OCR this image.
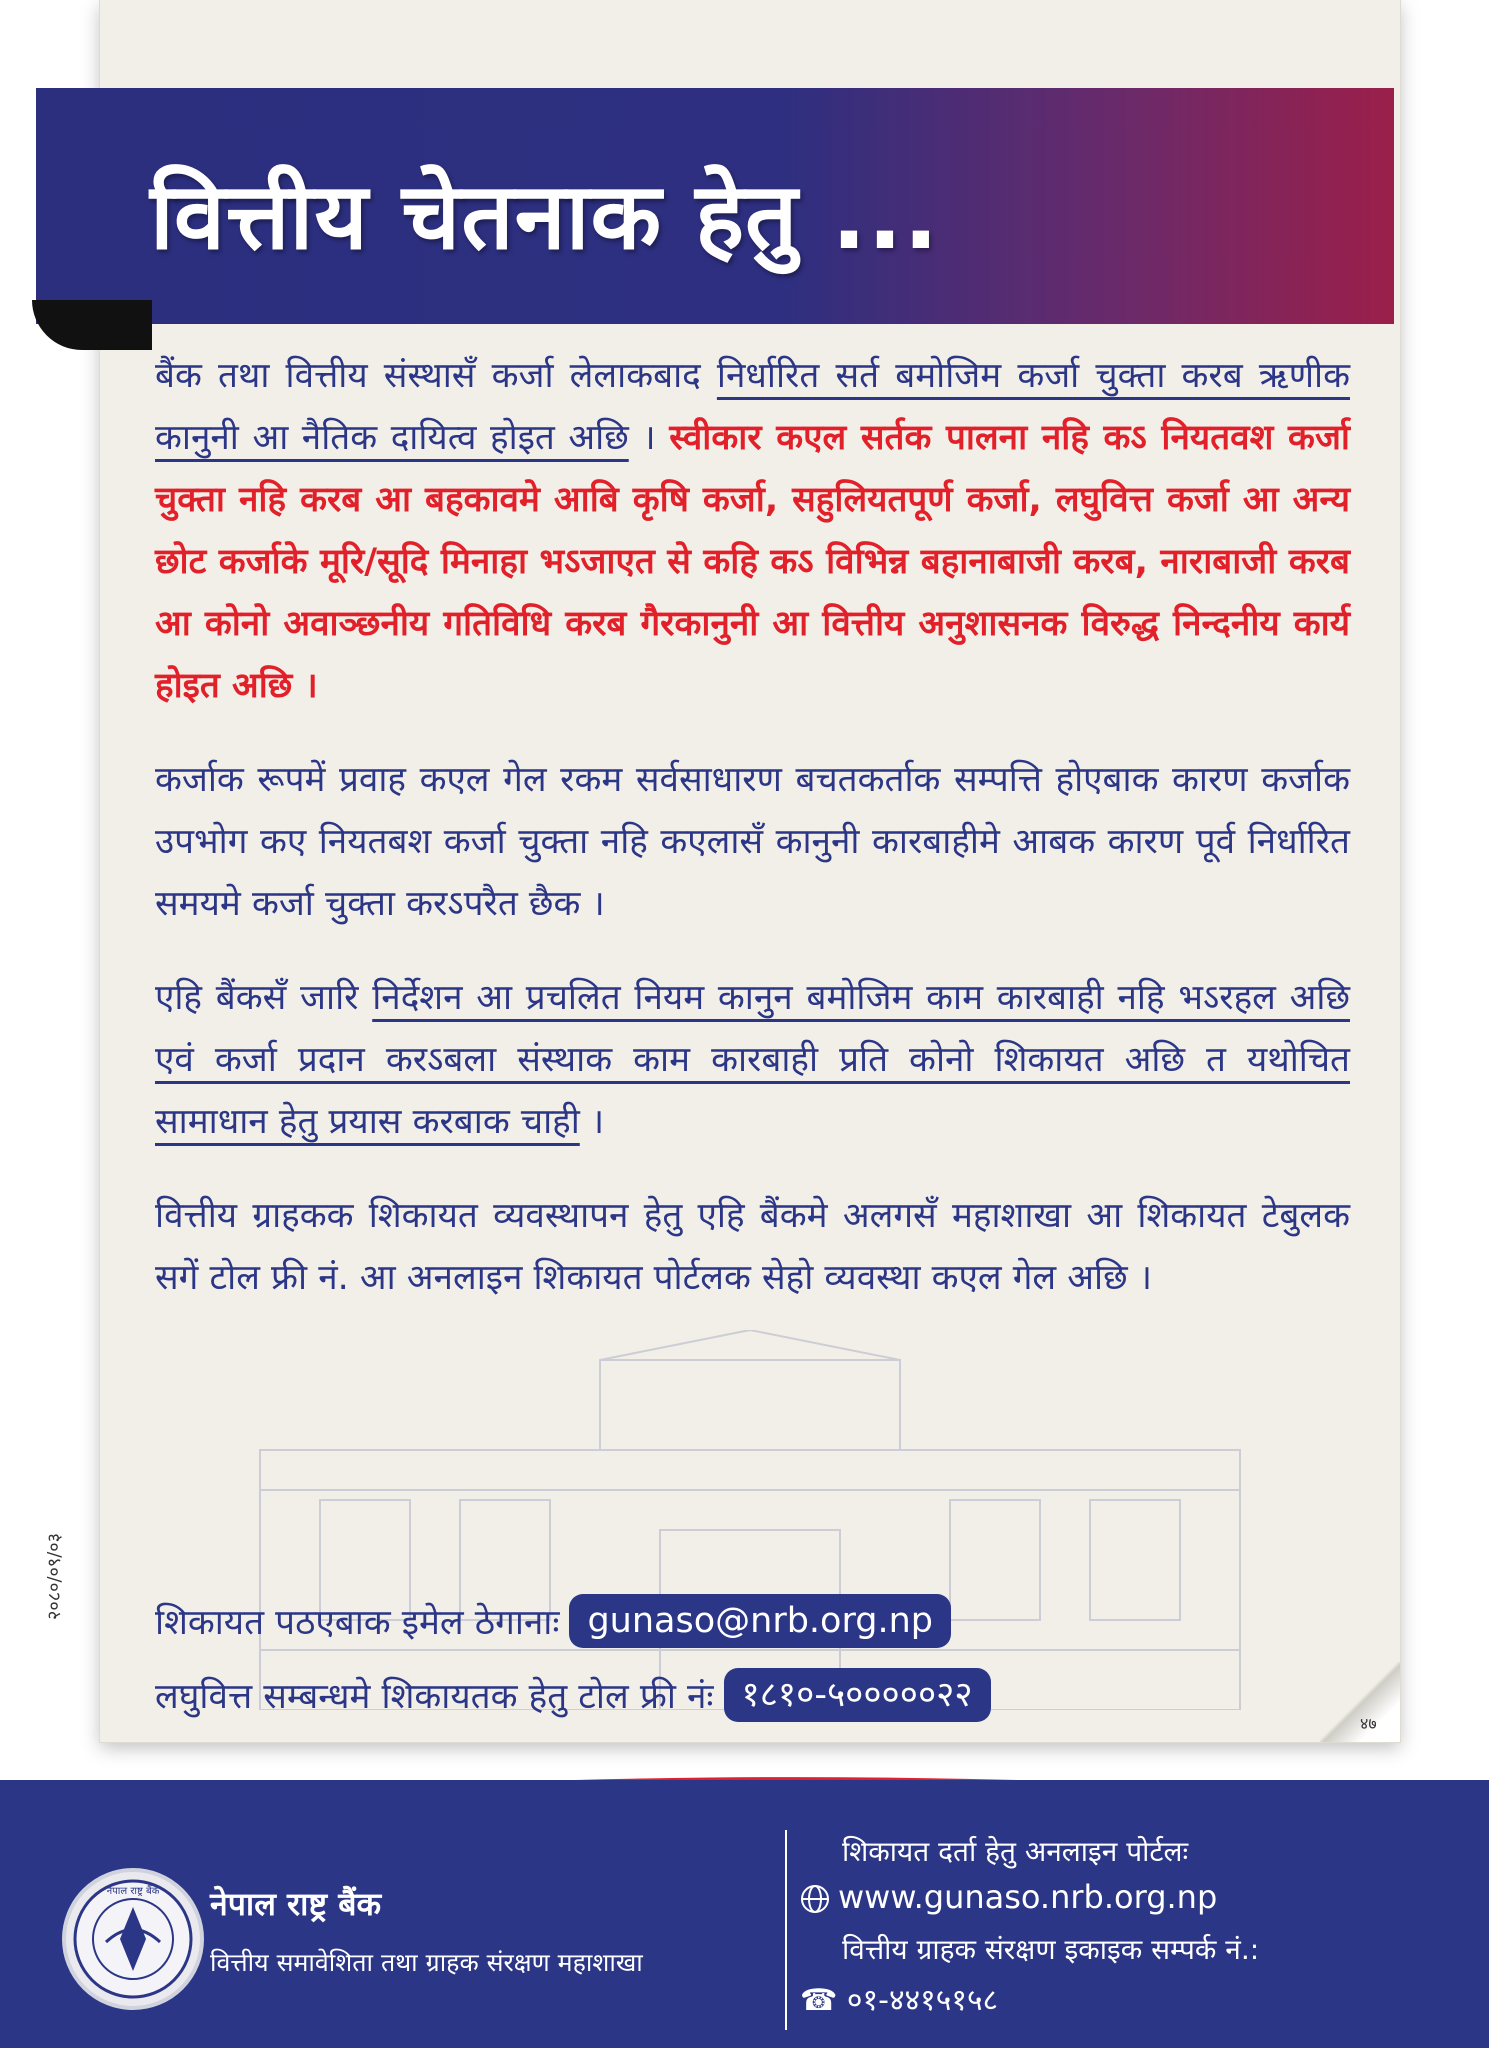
वित्तीय चेतनाक हेतु ...

बैंक तथा वित्तीय संस्थासँ कर्जा लेलाकबाद निर्धारित सर्त बमोजिम कर्जा चुक्ता करब ऋणीक कानुनी आ नैतिक दायित्व होइत अछि । स्वीकार कएल सर्तक पालना नहि कऽ नियतवश कर्जा चुक्ता नहि करब आ बहकावमे आबि कृषि कर्जा, सहुलियतपूर्ण कर्जा, लघुवित्त कर्जा आ अन्य छोट कर्जाके मूरि/सूदि मिनाहा भऽजाएत से कहि कऽ विभिन्न बहानाबाजी करब, नाराबाजी करब आ कोनो अवाञ्छनीय गतिविधि करब गैरकानुनी आ वित्तीय अनुशासनक विरुद्ध निन्दनीय कार्य होइत अछि ।

कर्जाक रूपमें प्रवाह कएल गेल रकम सर्वसाधारण बचतकर्ताक सम्पत्ति होएबाक कारण कर्जाक उपभोग कए नियतबश कर्जा चुक्ता नहि कएलासँ कानुनी कारबाहीमे आबक कारण पूर्व निर्धारित समयमे कर्जा चुक्ता करऽपरैत छैक ।

एहि बैंकसँ जारि निर्देशन आ प्रचलित नियम कानुन बमोजिम काम कारबाही नहि भऽरहल अछि एवं कर्जा प्रदान करऽबला संस्थाक काम कारबाही प्रति कोनो शिकायत अछि त यथोचित सामाधान हेतु प्रयास करबाक चाही ।

वित्तीय ग्राहकक शिकायत व्यवस्थापन हेतु एहि बैंकमे अलगसँ महाशाखा आ शिकायत टेबुलक सगें टोल फ्री नं. आ अनलाइन शिकायत पोर्टलक सेहो व्यवस्था कएल गेल अछि ।

शिकायत पठएबाक इमेल ठेगानाः gunaso@nrb.org.np
लघुवित्त सम्बन्धमे शिकायतक हेतु टोल फ्री नंः १८१०-५०००००२२
४७
२०८०/०९/०३
नेपाल राष्ट्र बैंक नेपाल राष्ट्र बैंक
वित्तीय समावेशिता तथा ग्राहक संरक्षण महाशाखा
शिकायत दर्ता हेतु अनलाइन पोर्टलः
www.gunaso.nrb.org.np
वित्तीय ग्राहक संरक्षण इकाइक सम्पर्क नं.:
☎ ०१-४४१५१५८
